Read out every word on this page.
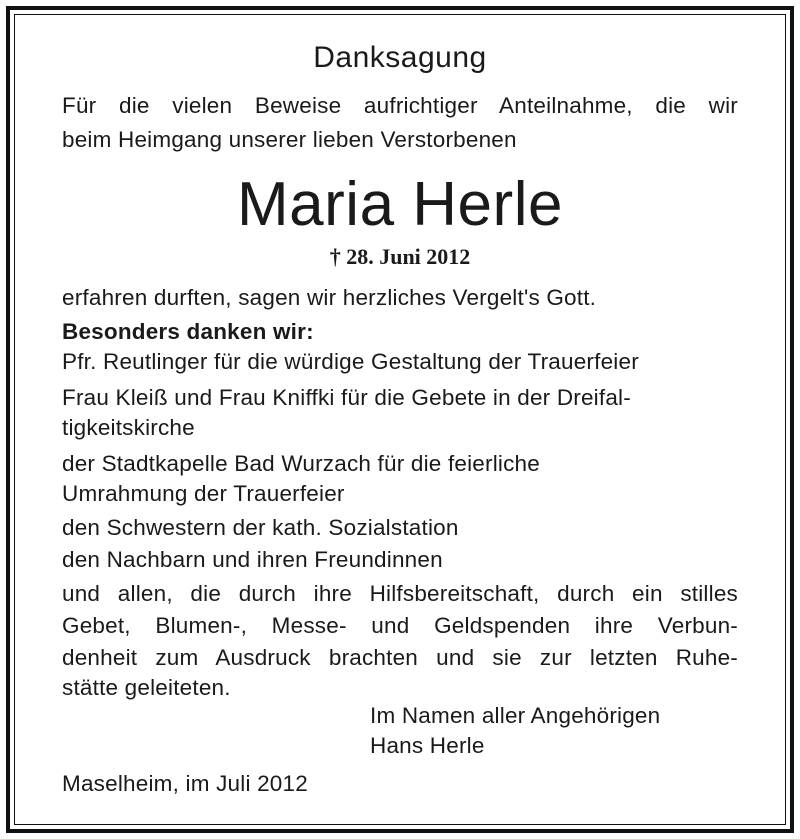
Danksagung
Für die vielen Beweise aufrichtiger Anteilnahme, die wir
beim Heimgang unserer lieben Verstorbenen
Maria Herle
† 28. Juni 2012
erfahren durften, sagen wir herzliches Vergelt's Gott.
Besonders danken wir:
Pfr. Reutlinger für die würdige Gestaltung der Trauerfeier
Frau Kleiß und Frau Kniffki für die Gebete in der Dreifal-
tigkeitskirche
der Stadtkapelle Bad Wurzach für die feierliche
Umrahmung der Trauerfeier
den Schwestern der kath. Sozialstation
den Nachbarn und ihren Freundinnen
und allen, die durch ihre Hilfsbereitschaft, durch ein stilles
Gebet, Blumen-, Messe- und Geldspenden ihre Verbun-
denheit zum Ausdruck brachten und sie zur letzten Ruhe-
stätte geleiteten.
Im Namen aller Angehörigen
Hans Herle
Maselheim, im Juli 2012
